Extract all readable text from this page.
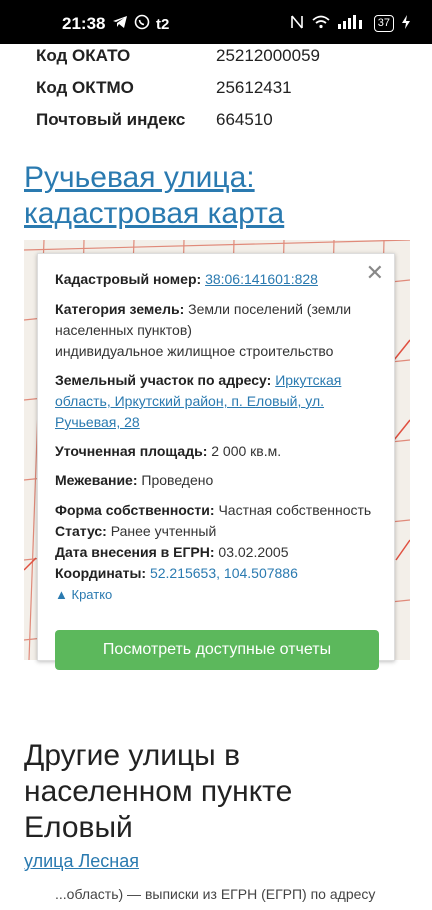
21:38	t2	37
Код ОКАТО	25212000059
Код ОКТМО	25612431
Почтовый индекс 664510
Ручьевая улица: кадастровая карта
✕
Кадастровый номер: 38:06:141601:828
Категория земель: Земли поселений (земли населенных пунктов)
индивидуальное жилищное строительство
Земельный участок по адресу: Иркутская область, Иркутский район, п. Еловый, ул. Ручьевая, 28
Уточненная площадь: 2 000 кв.м.
Межевание: Проведено
Форма собственности: Частная собственность
Статус: Ранее учтенный
Дата внесения в ЕГРН: 03.02.2005
Координаты: 52.215653, 104.507886
▲ Кратко
Посмотреть доступные отчеты
Другие улицы в населенном пункте Еловый
улица Лесная
...область) — выписки из ЕГРН (ЕГРП) по адресу
